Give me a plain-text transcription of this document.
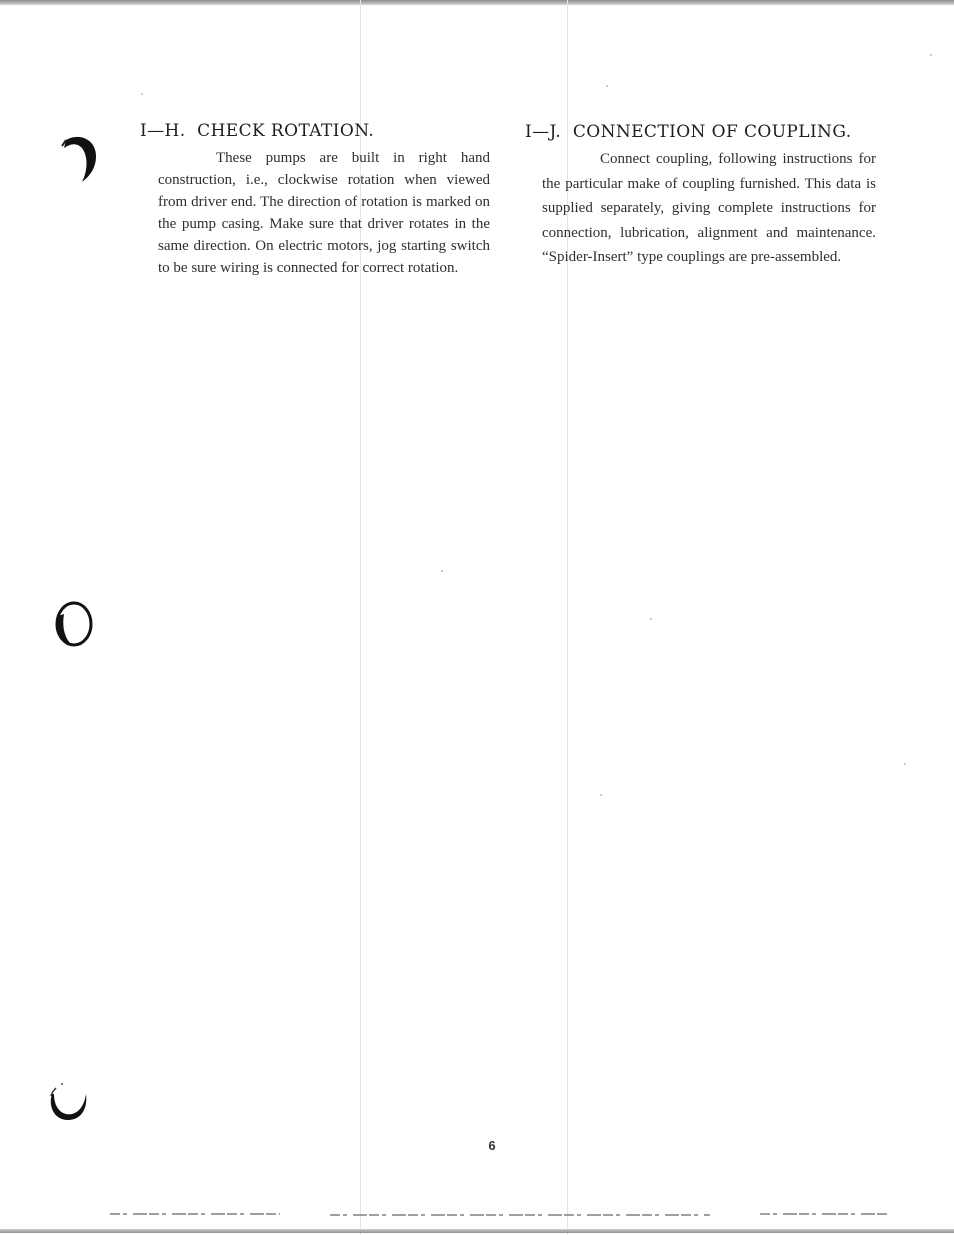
I—H. CHECK ROTATION.

These pumps are built in right hand construction, i.e., clockwise rotation when viewed from driver end. The direction of rotation is marked on the pump casing. Make sure that driver rotates in the same direction. On electric motors, jog starting switch to be sure wiring is connected for correct rotation.

I—J. CONNECTION OF COUPLING.

Connect coupling, following instructions for the particular make of coupling furnished. This data is supplied separately, giving complete instructions for connection, lubrication, alignment and maintenance. “Spider-Insert” type couplings are pre-assembled.

6
